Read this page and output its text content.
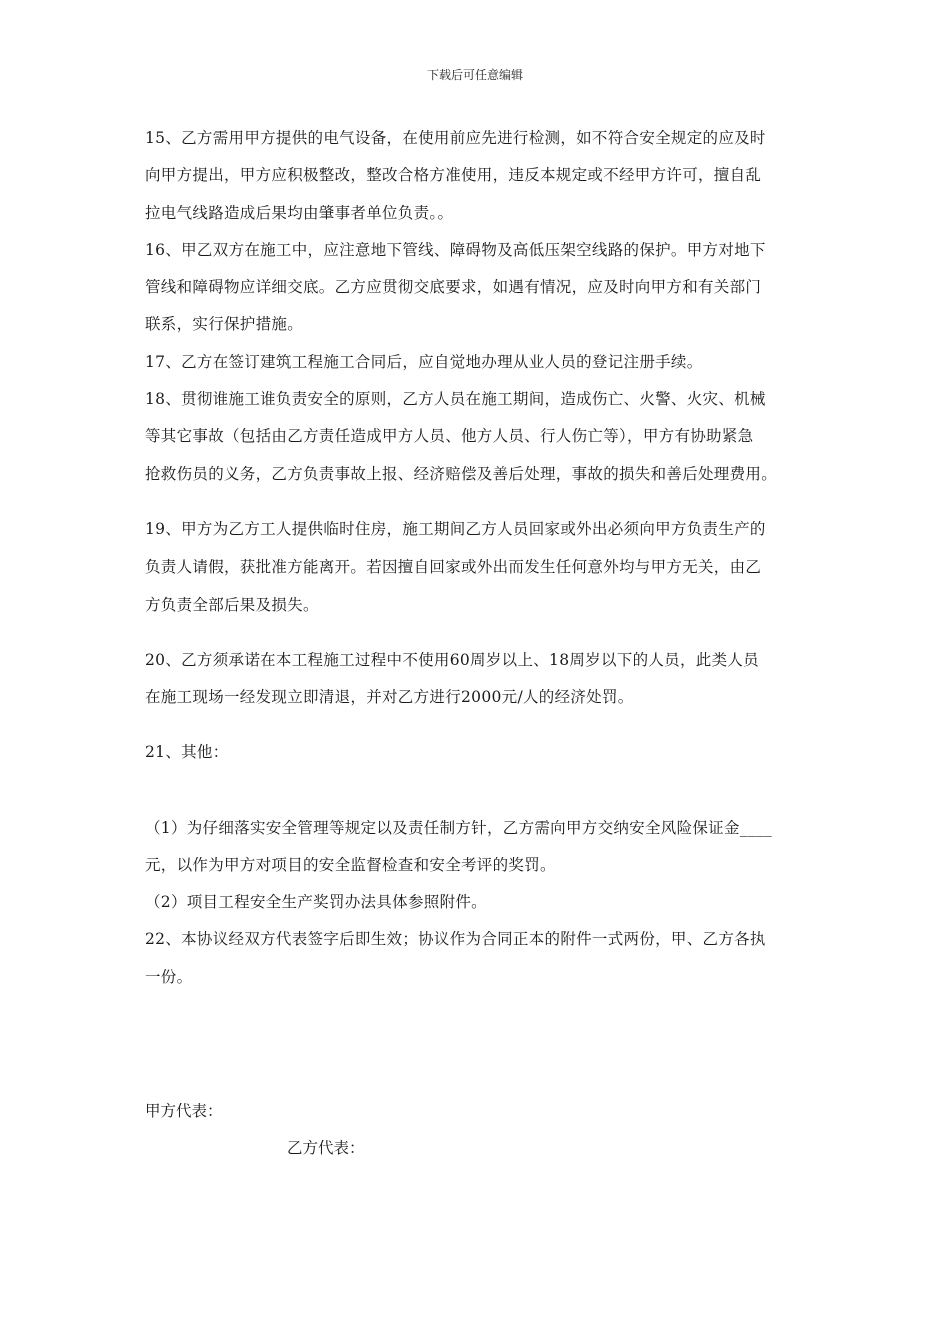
下载后可任意编辑
15、乙方需用甲方提供的电气设备，在使用前应先进行检测，如不符合安全规定的应及时
向甲方提出，甲方应积极整改，整改合格方准使用，违反本规定或不经甲方许可，擅自乱
拉电气线路造成后果均由肇事者单位负责。。
16、甲乙双方在施工中，应注意地下管线、障碍物及高低压架空线路的保护。甲方对地下
管线和障碍物应详细交底。乙方应贯彻交底要求，如遇有情况，应及时向甲方和有关部门
联系，实行保护措施。
17、乙方在签订建筑工程施工合同后，应自觉地办理从业人员的登记注册手续。
18、贯彻谁施工谁负责安全的原则，乙方人员在施工期间，造成伤亡、火警、火灾、机械
等其它事故（包括由乙方责任造成甲方人员、他方人员、行人伤亡等），甲方有协助紧急
抢救伤员的义务，乙方负责事故上报、经济赔偿及善后处理，事故的损失和善后处理费用。
19、甲方为乙方工人提供临时住房，施工期间乙方人员回家或外出必须向甲方负责生产的
负责人请假，获批准方能离开。若因擅自回家或外出而发生任何意外均与甲方无关，由乙
方负责全部后果及损失。
20、乙方须承诺在本工程施工过程中不使用60周岁以上、18周岁以下的人员，此类人员
在施工现场一经发现立即清退，并对乙方进行2000元/人的经济处罚。
21、其他：
（1）为仔细落实安全管理等规定以及责任制方针，乙方需向甲方交纳安全风险保证金____
元，以作为甲方对项目的安全监督检查和安全考评的奖罚。
（2）项目工程安全生产奖罚办法具体参照附件。
22、本协议经双方代表签字后即生效；协议作为合同正本的附件一式两份，甲、乙方各执
一份。
甲方代表：
乙方代表：
